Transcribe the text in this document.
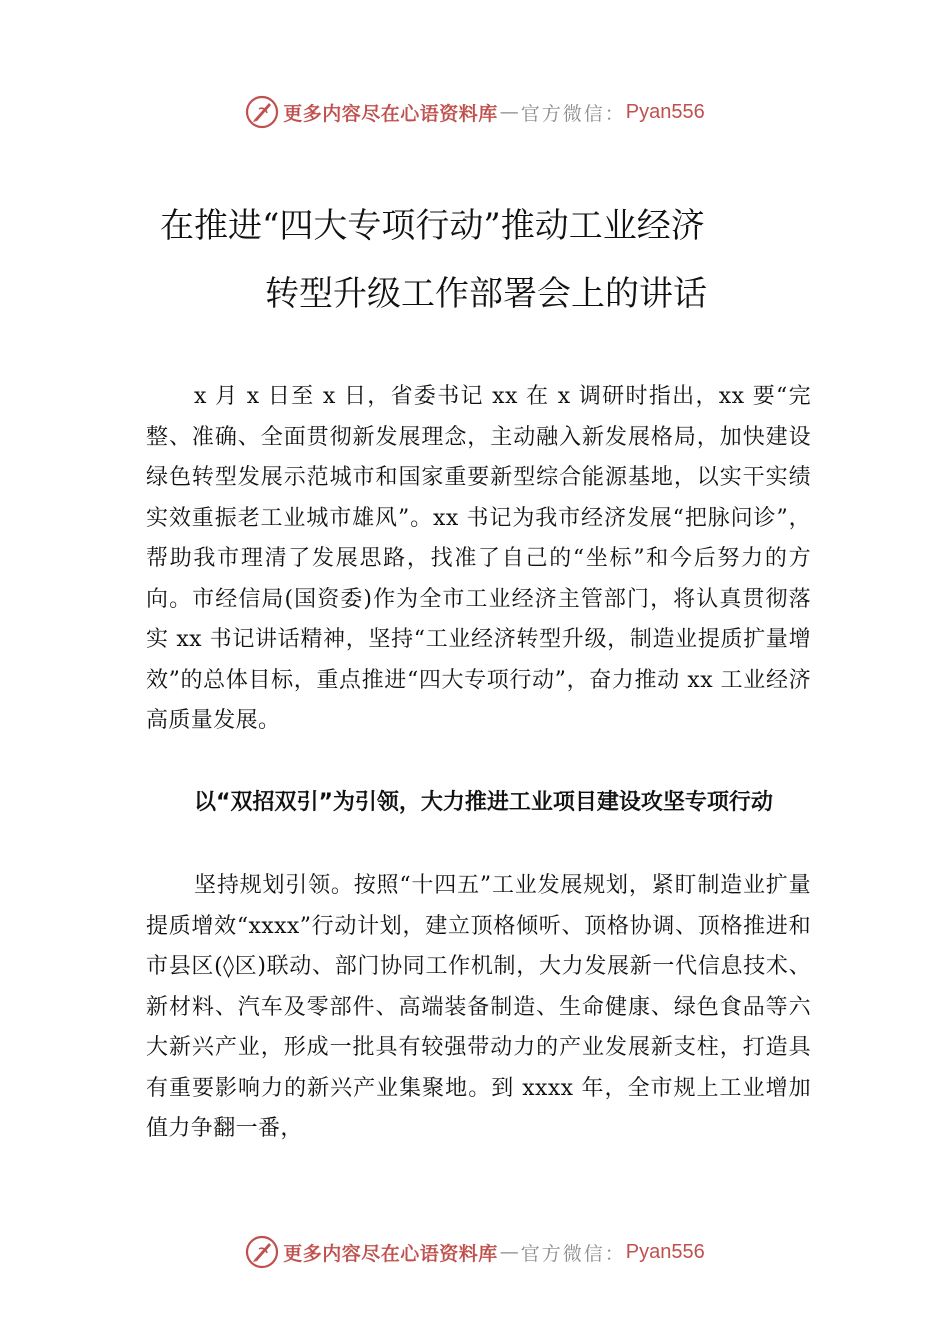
更多内容尽在心语资料库 — 官方微信： Pyan556
在推进“四大专项行动”推动工业经济
转型升级工作部署会上的讲话
x 月 x 日至 x 日，省委书记 xx 在 x 调研时指出，xx 要“完整、准确、全面贯彻新发展理念，主动融入新发展格局，加快建设绿色转型发展示范城市和国家重要新型综合能源基地，以实干实绩实效重振老工业城市雄风”。xx 书记为我市经济发展“把脉问诊”，帮助我市理清了发展思路，找准了自己的“坐标”和今后努力的方向。市经信局(国资委)作为全市工业经济主管部门，将认真贯彻落实 xx 书记讲话精神，坚持“工业经济转型升级，制造业提质扩量增效”的总体目标，重点推进“四大专项行动”，奋力推动 xx 工业经济高质量发展。
以“双招双引”为引领，大力推进工业项目建设攻坚专项行动
坚持规划引领。按照“十四五”工业发展规划，紧盯制造业扩量提质增效“xxxx”行动计划，建立顶格倾听、顶格协调、顶格推进和市县区(◊区)联动、部门协同工作机制，大力发展新一代信息技术、新材料、汽车及零部件、高端装备制造、生命健康、绿色食品等六大新兴产业，形成一批具有较强带动力的产业发展新支柱，打造具有重要影响力的新兴产业集聚地。到 xxxx 年，全市规上工业增加值力争翻一番，
更多内容尽在心语资料库 — 官方微信： Pyan556
